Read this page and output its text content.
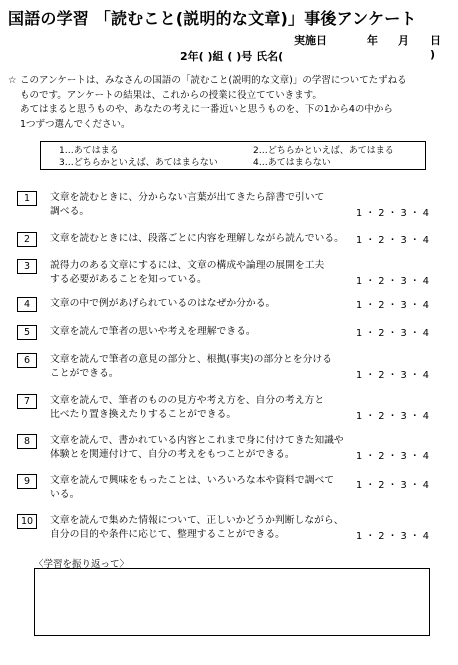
国語の学習 「読むこと(説明的な文章)」事後アンケート
実施日	年 月 日
2年( )組 ( )号 氏名(	)
☆ このアンケートは、みなさんの国語の「読むこと(説明的な文章)」の学習についてたずねる
ものです。アンケートの結果は、これからの授業に役立てていきます。
あてはまると思うものや、あなたの考えに一番近いと思うものを、下の1から4の中から
1つずつ選んでください。
1…あてはまる	2…どちらかといえば、あてはまる
3…どちらかといえば、あてはまらない	4…あてはまらない
1	文章を読むときに、分からない言葉が出てきたら辞書で引いて
調べる。	1 ・ 2 ・ 3 ・ 4
2	文章を読むときには、段落ごとに内容を理解しながら読んでいる。	1 ・ 2 ・ 3 ・ 4
3	説得力のある文章にするには、文章の構成や論理の展開を工夫
する必要があることを知っている。	1 ・ 2 ・ 3 ・ 4
4	文章の中で例があげられているのはなぜか分かる。	1 ・ 2 ・ 3 ・ 4
5	文章を読んで筆者の思いや考えを理解できる。	1 ・ 2 ・ 3 ・ 4
6	文章を読んで筆者の意見の部分と、根拠(事実)の部分とを分ける
ことができる。	1 ・ 2 ・ 3 ・ 4
7	文章を読んで、筆者のものの見方や考え方を、自分の考え方と
比べたり置き換えたりすることができる。	1 ・ 2 ・ 3 ・ 4
8	文章を読んで、書かれている内容とこれまで身に付けてきた知識や
体験とを関連付けて、自分の考えをもつことができる。	1 ・ 2 ・ 3 ・ 4
9	文章を読んで興味をもったことは、いろいろな本や資料で調べて
いる。
1 ・ 2 ・ 3 ・ 4
10	文章を読んで集めた情報について、正しいかどうか判断しながら、
自分の目的や条件に応じて、整理することができる。	1 ・ 2 ・ 3 ・ 4
〈学習を振り返って〉
